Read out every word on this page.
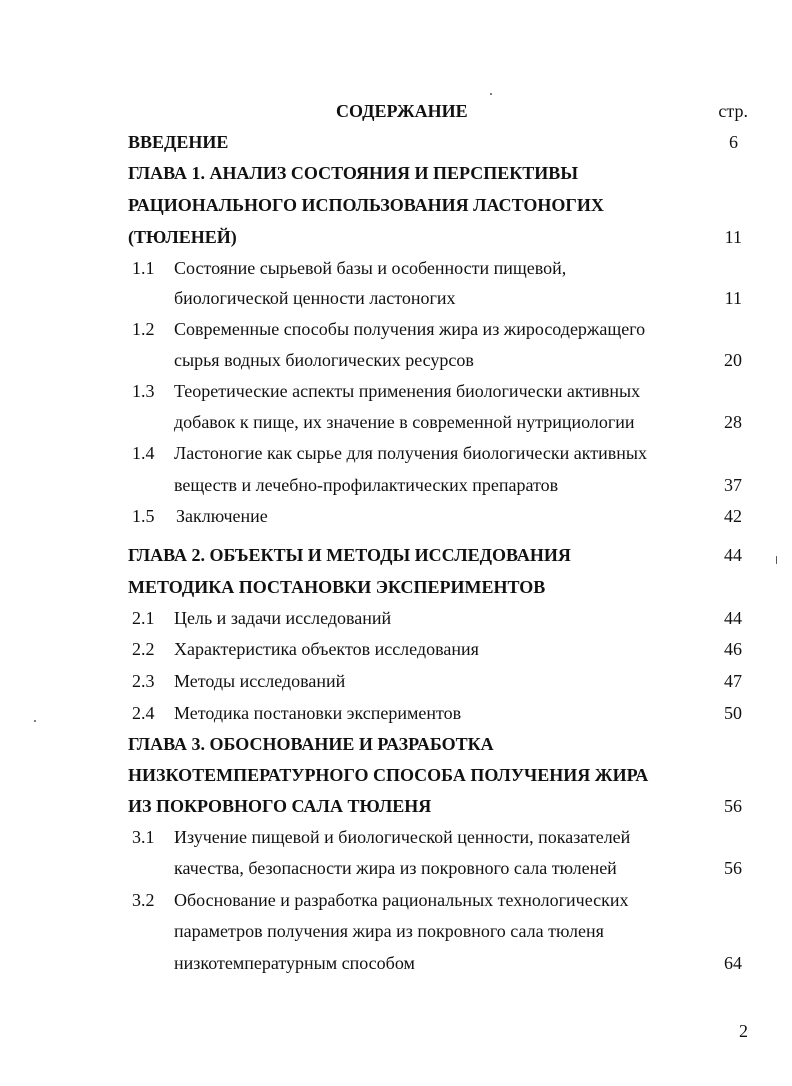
СОДЕРЖАНИЕ	стр.
ВВЕДЕНИЕ	6
ГЛАВА 1. АНАЛИЗ СОСТОЯНИЯ И ПЕРСПЕКТИВЫ
РАЦИОНАЛЬНОГО ИСПОЛЬЗОВАНИЯ ЛАСТОНОГИХ
(ТЮЛЕНЕЙ)	11
1.1 Состояние сырьевой базы и особенности пищевой,
биологической ценности ластоногих	11
1.2 Современные способы получения жира из жиросодержащего
сырья водных биологических ресурсов	20
1.3 Теоретические аспекты применения биологически активных
добавок к пище, их значение в современной нутрициологии	28
1.4 Ластоногие как сырье для получения биологически активных
веществ и лечебно-профилактических препаратов	37
1.5 Заключение	42
ГЛАВА 2. ОБЪЕКТЫ И МЕТОДЫ ИССЛЕДОВАНИЯ	44
МЕТОДИКА ПОСТАНОВКИ ЭКСПЕРИМЕНТОВ
2.1 Цель и задачи исследований	44
2.2 Характеристика объектов исследования	46
2.3 Методы исследований	47
2.4 Методика постановки экспериментов	50
ГЛАВА 3. ОБОСНОВАНИЕ И РАЗРАБОТКА
НИЗКОТЕМПЕРАТУРНОГО СПОСОБА ПОЛУЧЕНИЯ ЖИРА
ИЗ ПОКРОВНОГО САЛА ТЮЛЕНЯ	56
3.1 Изучение пищевой и биологической ценности, показателей
качества, безопасности жира из покровного сала тюленей	56
3.2 Обоснование и разработка рациональных технологических
параметров получения жира из покровного сала тюленя
низкотемпературным способом	64
2
